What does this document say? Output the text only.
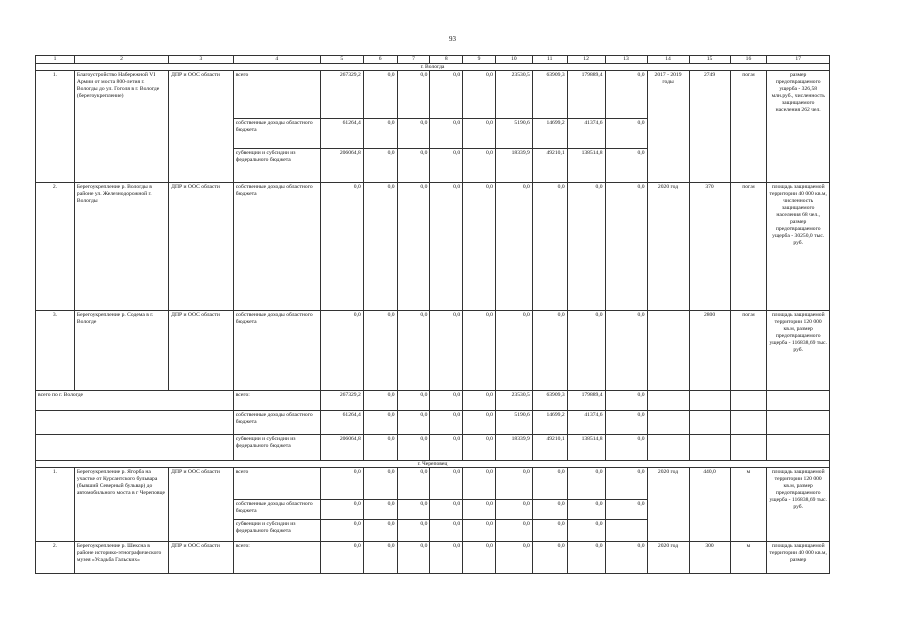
93
1	2	3	4	5	6	7	8	9	10	11	12	13	14	15	16	17
г. Вологда																
1.	Благоустройство Набережной VI Армии от моста 800-летия г. Вологды до ул. Гоголя в г. Вологде (берегоукрепление)	ДПР и ООС области	всего	267329,2	0,0	0,0	0,0	0,0	23530,5	63909,3	179889,4	0,0	2017 - 2019 годы	2749	пог.м	размер предотвращаемого ущерба - 326,58 млн.руб., численность защищаемого населения 262 чел.
			собственные доходы областного бюджета	61264,4	0,0	0,0	0,0	0,0	5190,6	14699,2	41374,6	0,0				
			субвенции и субсидии из федерального бюджета	206064,8	0,0	0,0	0,0	0,0	18339,9	49210,1	138514,8	0,0				
2.	Берегоукрепление р. Вологды в районе ул. Железнодорожной г. Вологды	ДПР и ООС области	собственные доходы областного бюджета	0,0	0,0	0,0	0,0	0,0	0,0	0,0	0,0	0,0	2020 год	370	пог.м	площадь защищаемой территории 40 000 кв.м, численность защищаемого населения 68 чел., размер предотвращаемого ущерба - 30250,0 тыс. руб.
3.	Берегоукрепление р. Содема в г. Вологде	ДПР и ООС области	собственные доходы областного бюджета	0,0	0,0	0,0	0,0	0,0	0,0	0,0	0,0	0,0		2800	пог.м	площадь защищаемой территории 120 000 кв.м, размер предотвращаемого ущерба - 116838,69 тыс. руб.
всего по г. Вологде			всего:	267329,2	0,0	0,0	0,0	0,0	23530,5	63909,3	179889,4	0,0				
			собственные доходы областного бюджета	61264,4	0,0	0,0	0,0	0,0	5190,6	14699,2	41374,6	0,0				
			субвенции и субсидии из федерального бюджета	206064,8	0,0	0,0	0,0	0,0	18339,9	49210,1	138514,8	0,0				
г. Череповец																
1.	Берегоукрепление р. Ягорба на участке от Курсантского бульвара (бывший Северный бульвар) до автомобильного моста в г Череповце	ДПР и ООС области	всего	0,0	0,0	0,0	0,0	0,0	0,0	0,0	0,0	0,0	2020 год	440,0	м	площадь защищаемой территории 120 000 кв.м, размер предотвращаемого ущерба - 116838,69 тыс. руб.
			собственные доходы областного бюджета	0,0	0,0	0,0	0,0	0,0	0,0	0,0	0,0	0,0				
			субвенции и субсидии из федерального бюджета	0,0	0,0	0,0	0,0	0,0	0,0	0,0	0,0					
2.	Берегоукрепление р. Шексна в районе историко-этнографического музея «Усадьба Гальских»	ДПР и ООС области	всего:	0,0	0,0	0,0	0,0	0,0	0,0	0,0	0,0	0,0	2020 год	300	м	площадь защищаемой территории 40 000 кв.м, размер
